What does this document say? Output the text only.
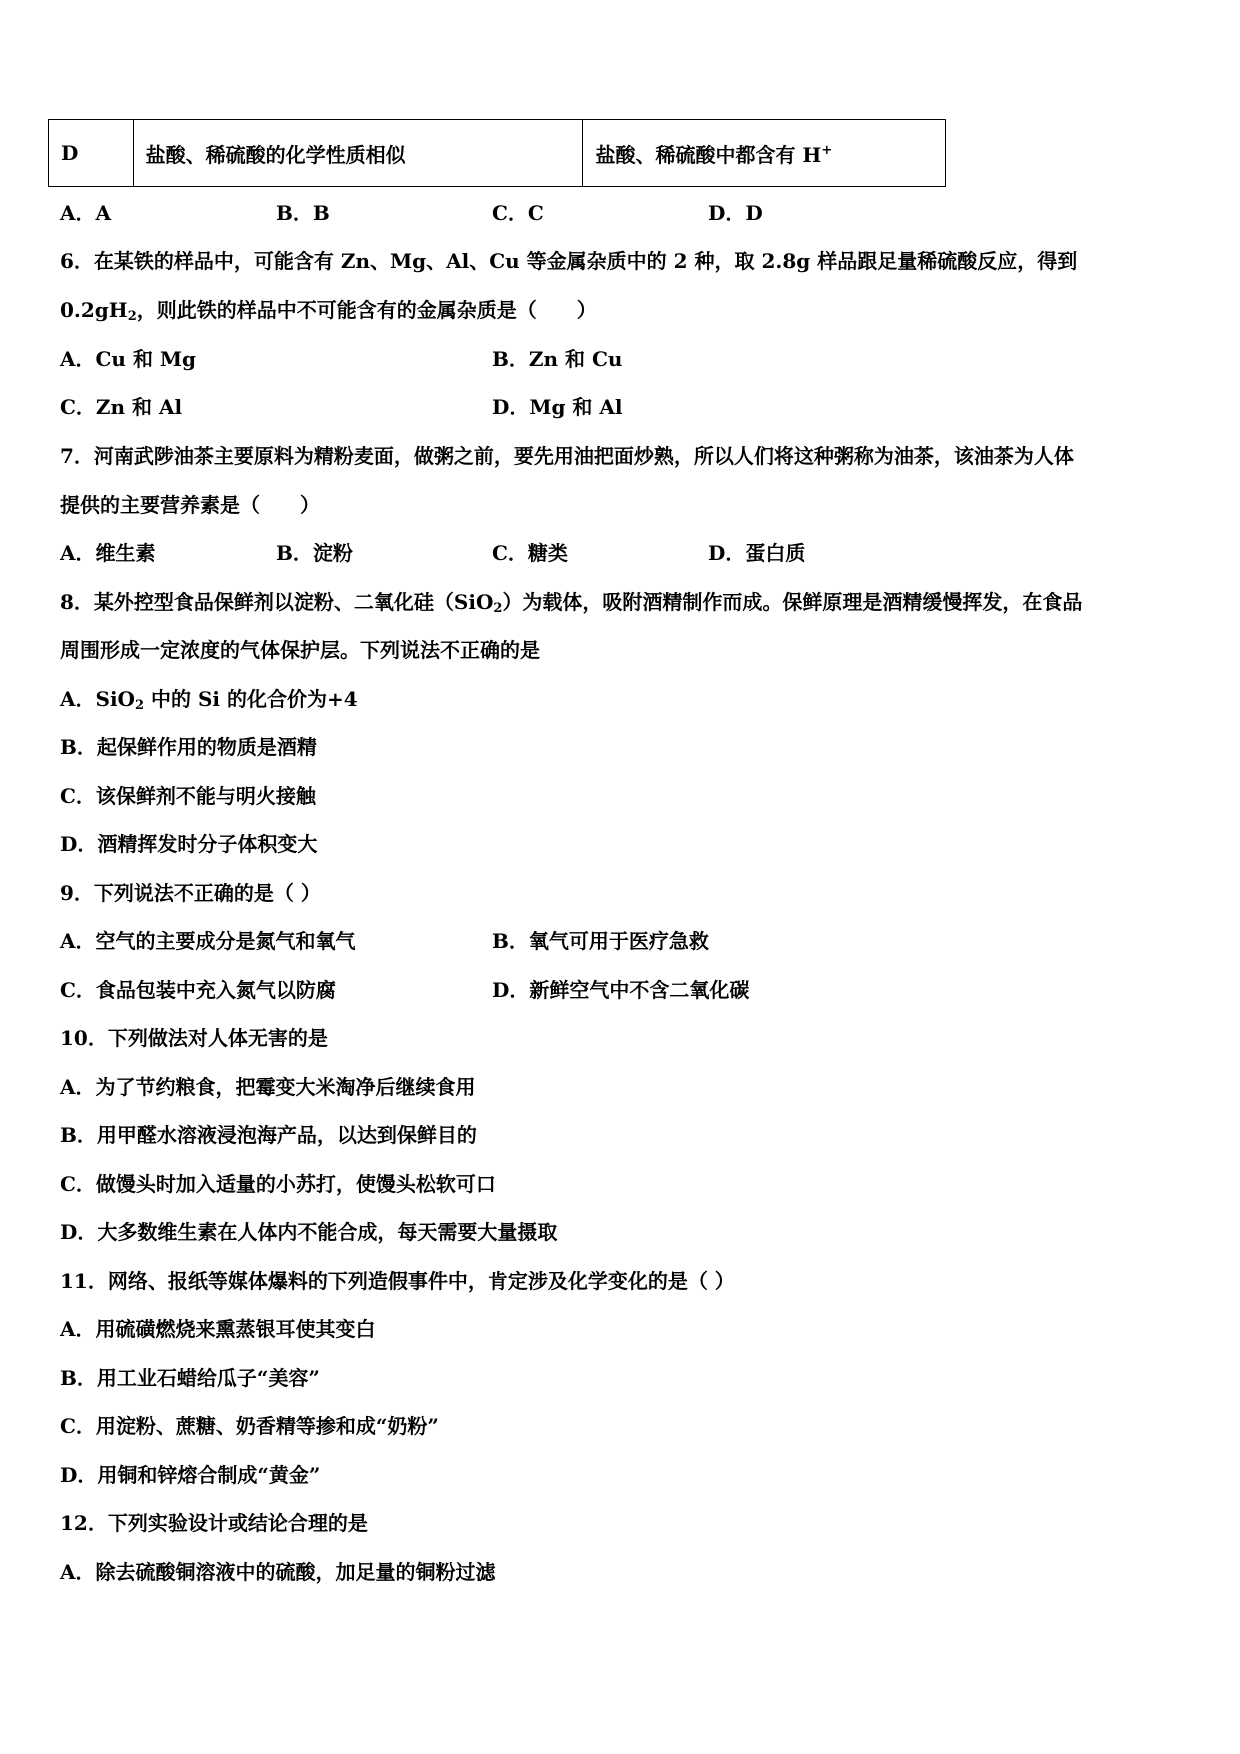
D	盐酸、稀硫酸的化学性质相似	盐酸、稀硫酸中都含有 H+
A．A	B．B	C．C	D．D
6．在某铁的样品中，可能含有 Zn、Mg、Al、Cu 等金属杂质中的 2 种，取 2.8g 样品跟足量稀硫酸反应，得到
$0.2gH_2$，则此铁的样品中不可能含有的金属杂质是（　　）
A．Cu 和 Mg	B．Zn 和 Cu
C．Zn 和 Al	D．Mg 和 Al
7．河南武陟油茶主要原料为精粉麦面，做粥之前，要先用油把面炒熟，所以人们将这种粥称为油茶，该油茶为人体
提供的主要营养素是（　　）
A．维生素	B．淀粉	C．糖类	D．蛋白质
8．某外控型食品保鲜剂以淀粉、二氧化硅（SiO$_2$）为载体，吸附酒精制作而成。保鲜原理是酒精缓慢挥发，在食品
周围形成一定浓度的气体保护层。下列说法不正确的是
A．SiO$_2$ 中的 Si 的化合价为+4
B．起保鲜作用的物质是酒精
C．该保鲜剂不能与明火接触
D．酒精挥发时分子体积变大
9．下列说法不正确的是（ ）
A．空气的主要成分是氮气和氧气	B．氧气可用于医疗急救
C．食品包装中充入氮气以防腐	D．新鲜空气中不含二氧化碳
10．下列做法对人体无害的是
A．为了节约粮食，把霉变大米淘净后继续食用
B．用甲醛水溶液浸泡海产品，以达到保鲜目的
C．做馒头时加入适量的小苏打，使馒头松软可口
D．大多数维生素在人体内不能合成，每天需要大量摄取
11．网络、报纸等媒体爆料的下列造假事件中，肯定涉及化学变化的是（ ）
A．用硫磺燃烧来熏蒸银耳使其变白
B．用工业石蜡给瓜子“美容”
C．用淀粉、蔗糖、奶香精等掺和成“奶粉”
D．用铜和锌熔合制成“黄金”
12．下列实验设计或结论合理的是
A．除去硫酸铜溶液中的硫酸，加足量的铜粉过滤
